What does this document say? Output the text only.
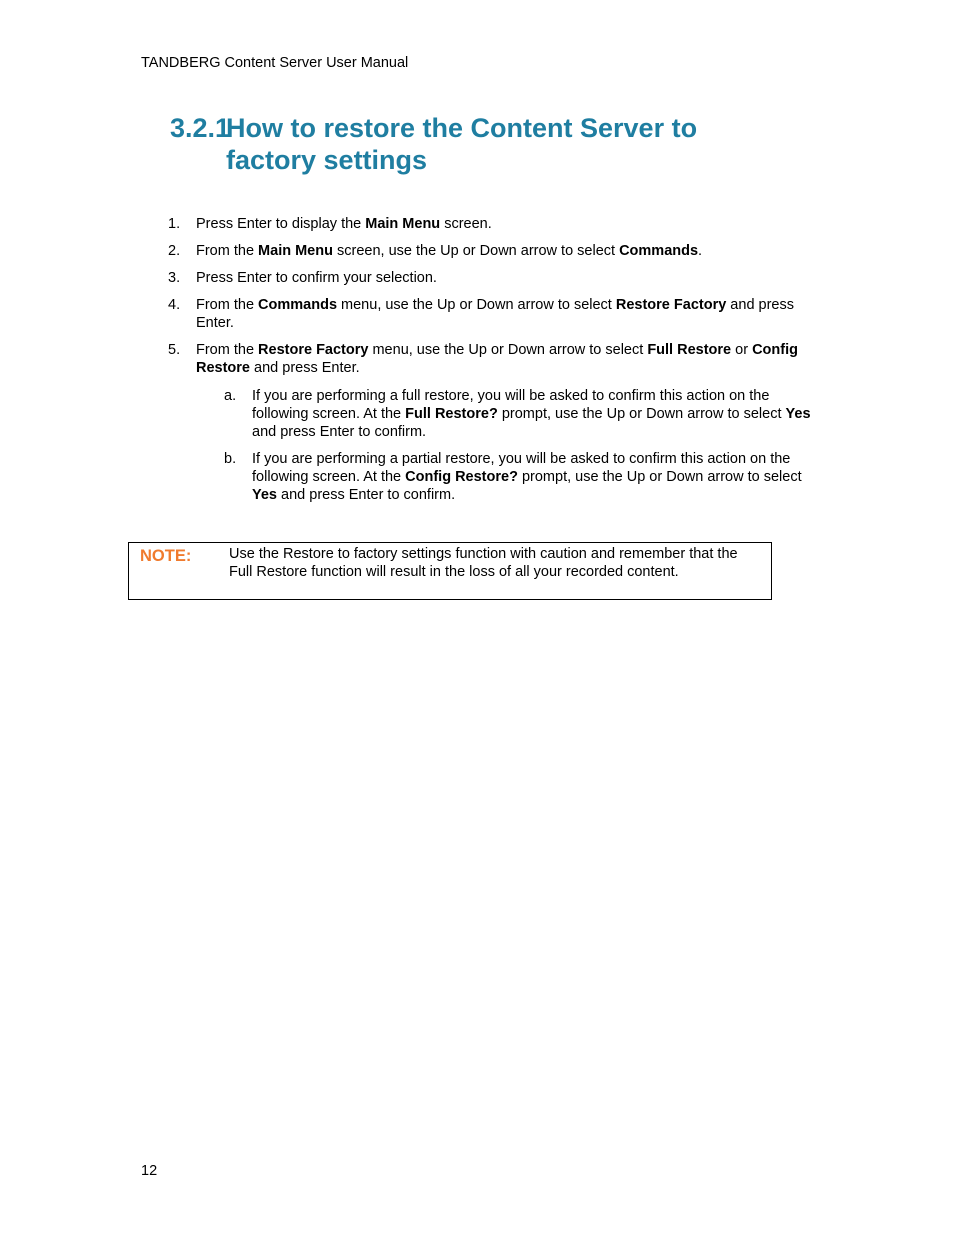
TANDBERG Content Server User Manual
3.2.1How to restore the Content Server to
factory settings
1. Press Enter to display the Main Menu screen.
2. From the Main Menu screen, use the Up or Down arrow to select Commands.
3. Press Enter to confirm your selection.
4. From the Commands menu, use the Up or Down arrow to select Restore Factory and press Enter.
5. From the Restore Factory menu, use the Up or Down arrow to select Full Restore or Config Restore and press Enter.
a. If you are performing a full restore, you will be asked to confirm this action on the following screen. At the Full Restore? prompt, use the Up or Down arrow to select Yes and press Enter to confirm.
b. If you are performing a partial restore, you will be asked to confirm this action on the following screen. At the Config Restore? prompt, use the Up or Down arrow to select Yes and press Enter to confirm.
NOTE:	Use the Restore to factory settings function with caution and remember that the Full Restore function will result in the loss of all your recorded content.
12
